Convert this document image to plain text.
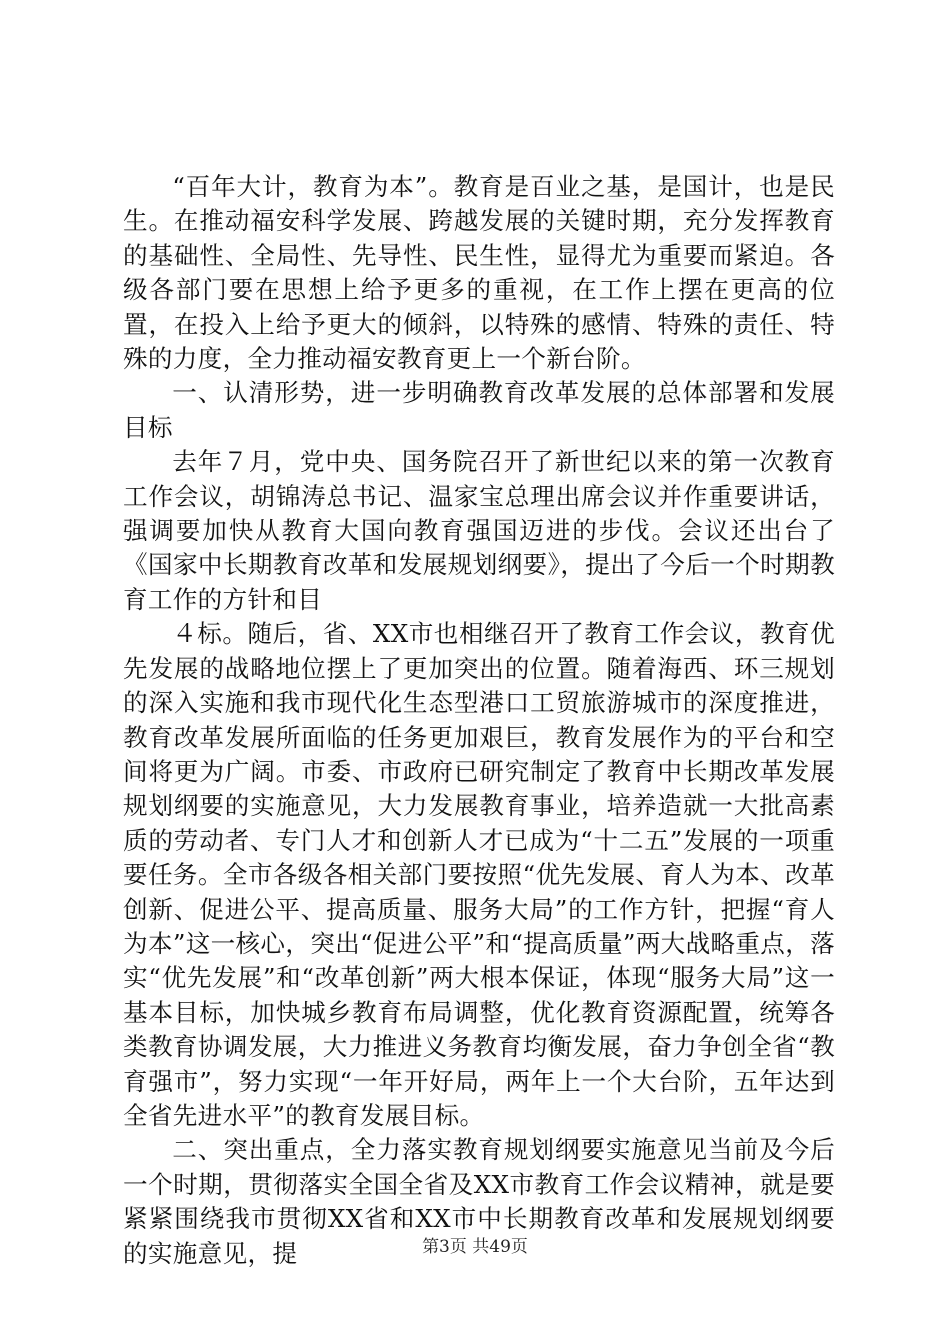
“百年大计，教育为本”。教育是百业之基，是国计，也是民生。在推动福安科学发展、跨越发展的关键时期，充分发挥教育的基础性、全局性、先导性、民生性，显得尤为重要而紧迫。各级各部门要在思想上给予更多的重视，在工作上摆在更高的位置，在投入上给予更大的倾斜，以特殊的感情、特殊的责任、特殊的力度，全力推动福安教育更上一个新台阶。

一、认清形势，进一步明确教育改革发展的总体部署和发展目标

去年７月，党中央、国务院召开了新世纪以来的第一次教育工作会议，胡锦涛总书记、温家宝总理出席会议并作重要讲话，强调要加快从教育大国向教育强国迈进的步伐。会议还出台了《国家中长期教育改革和发展规划纲要》，提出了今后一个时期教育工作的方针和目

４标。随后，省、XX市也相继召开了教育工作会议，教育优先发展的战略地位摆上了更加突出的位置。随着海西、环三规划的深入实施和我市现代化生态型港口工贸旅游城市的深度推进，教育改革发展所面临的任务更加艰巨，教育发展作为的平台和空间将更为广阔。市委、市政府已研究制定了教育中长期改革发展规划纲要的实施意见，大力发展教育事业，培养造就一大批高素质的劳动者、专门人才和创新人才已成为“十二五”发展的一项重要任务。全市各级各相关部门要按照“优先发展、育人为本、改革创新、促进公平、提高质量、服务大局”的工作方针，把握“育人为本”这一核心，突出“促进公平”和“提高质量”两大战略重点，落实“优先发展”和“改革创新”两大根本保证，体现“服务大局”这一基本目标，加快城乡教育布局调整，优化教育资源配置，统筹各类教育协调发展，大力推进义务教育均衡发展，奋力争创全省“教育强市”，努力实现“一年开好局，两年上一个大台阶，五年达到全省先进水平”的教育发展目标。

二、突出重点，全力落实教育规划纲要实施意见当前及今后一个时期，贯彻落实全国全省及XX市教育工作会议精神，就是要紧紧围绕我市贯彻XX省和XX市中长期教育改革和发展规划纲要的实施意见，提	第3页 共49页
